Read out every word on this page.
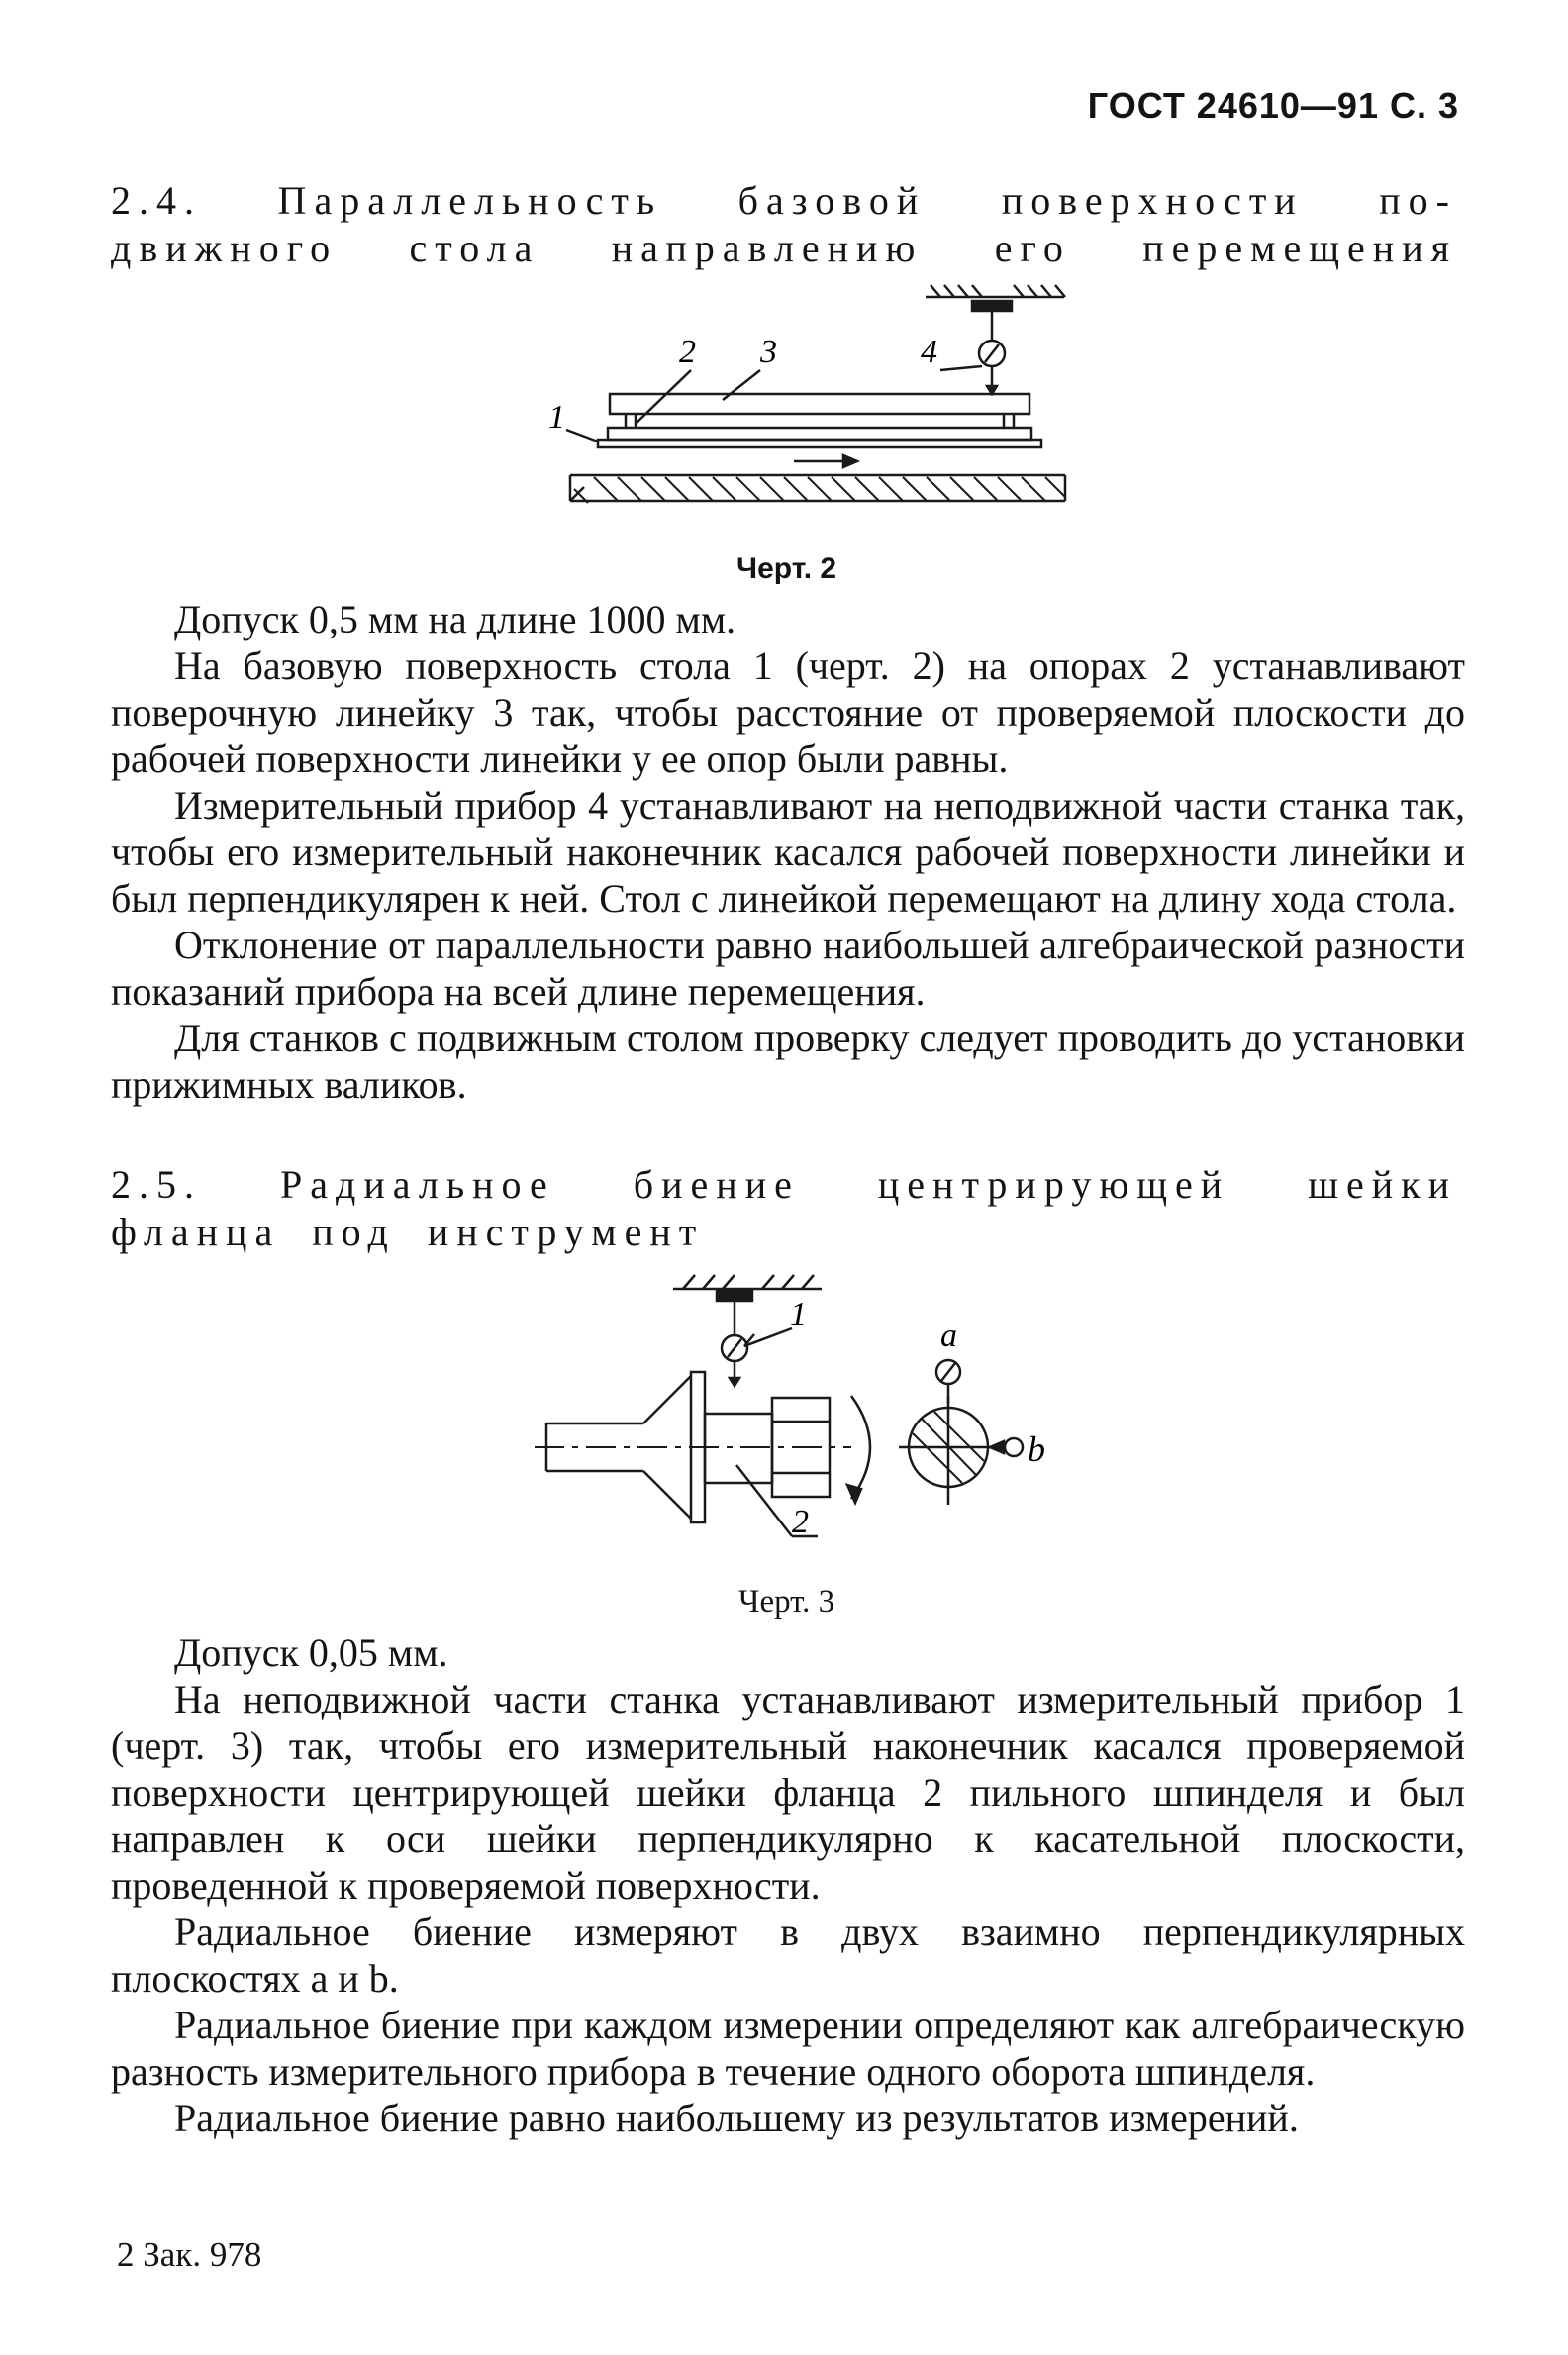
ГОСТ 24610—91 С. 3
2.4. Параллельность базовой поверхности по-
движного стола направлению его перемещения
1
2 3	4
Черт. 2

Допуск 0,5 мм на длине 1000 мм.

На базовую поверхность стола 1 (черт. 2) на опорах 2 устанавливают поверочную линейку 3 так, чтобы расстояние от проверяемой плоскости до рабочей поверхности линейки у ее опор были равны.

Измерительный прибор 4 устанавливают на неподвижной части станка так, чтобы его измерительный наконечник касался рабочей поверхности линейки и был перпендикулярен к ней. Стол с линейкой перемещают на длину хода стола.

Отклонение от параллельности равно наибольшей алгебраической разности показаний прибора на всей длине перемещения.

Для станков с подвижным столом проверку следует проводить до установки прижимных валиков.

2.5. Радиальное биение центрирующей шейки
фланца под инструмент
1
2
a
b
Черт. 3

Допуск 0,05 мм.

На неподвижной части станка устанавливают измерительный прибор 1 (черт. 3) так, чтобы его измерительный наконечник касался проверяемой поверхности центрирующей шейки фланца 2 пильного шпинделя и был направлен к оси шейки перпендикулярно к касательной плоскости, проведенной к проверяемой поверхности.

Радиальное биение измеряют в двух взаимно перпендикулярных плоскостях a и b.

Радиальное биение при каждом измерении определяют как алгебраическую разность измерительного прибора в течение одного оборота шпинделя.

Радиальное биение равно наибольшему из результатов измерений.

2 Зак. 978
